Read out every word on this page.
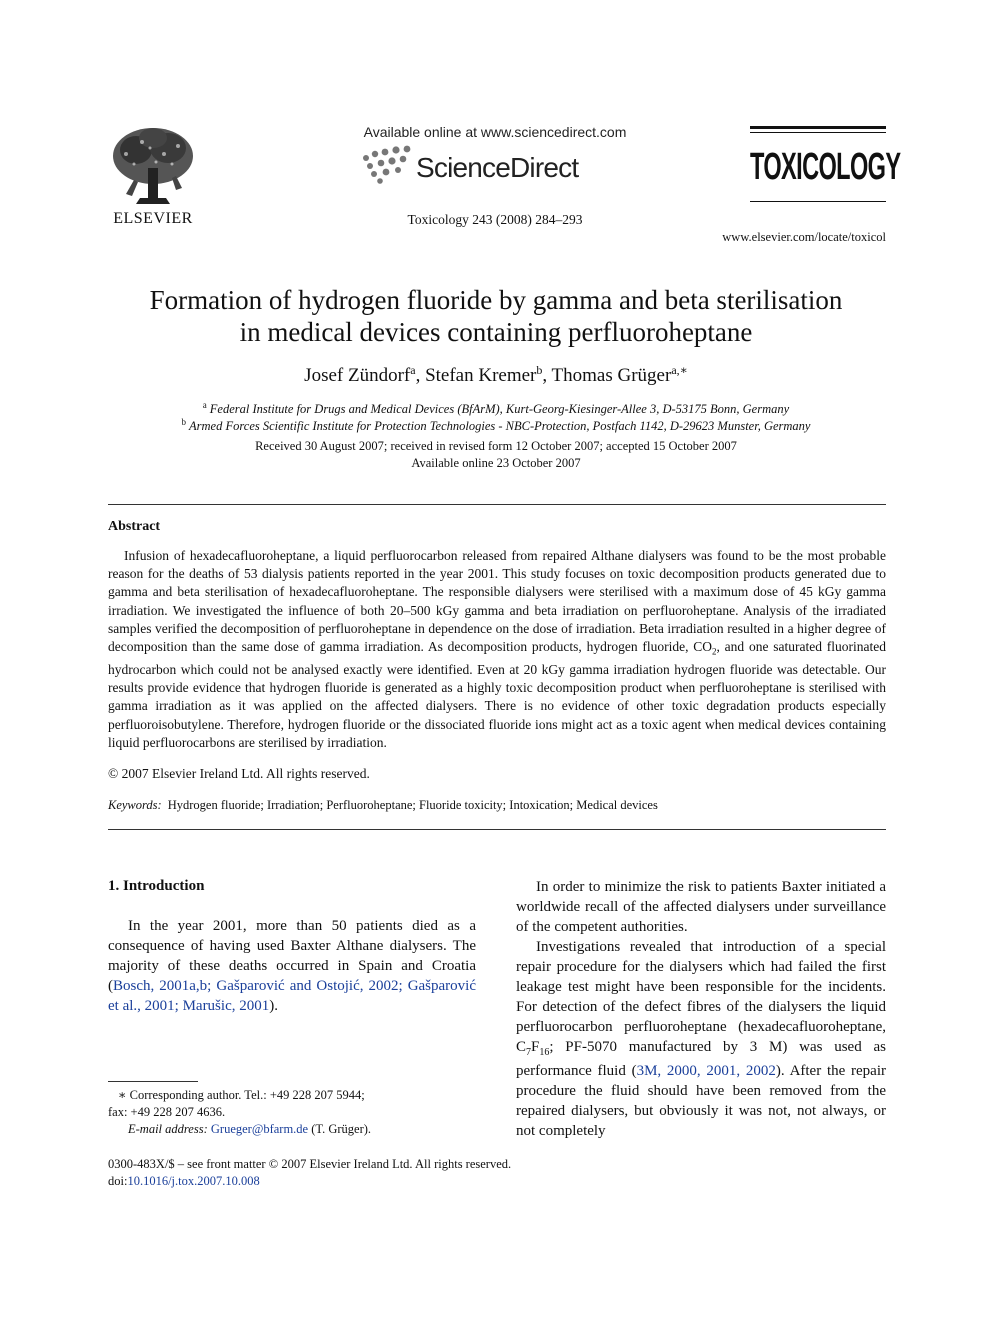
ELSEVIER
Available online at www.sciencedirect.com
ScienceDirect
Toxicology 243 (2008) 284–293
TOXICOLOGY
www.elsevier.com/locate/toxicol
Formation of hydrogen fluoride by gamma and beta sterilisation
in medical devices containing perfluoroheptane
Josef Zündorf$^a$, Stefan Kremer$^b$, Thomas Grüger$^{a,∗}$
$^a$ Federal Institute for Drugs and Medical Devices (BfArM), Kurt-Georg-Kiesinger-Allee 3, D-53175 Bonn, Germany
$^b$ Armed Forces Scientific Institute for Protection Technologies - NBC-Protection, Postfach 1142, D-29623 Munster, Germany
Received 30 August 2007; received in revised form 12 October 2007; accepted 15 October 2007
Available online 23 October 2007
Abstract

Infusion of hexadecafluoroheptane, a liquid perfluorocarbon released from repaired Althane dialysers was found to be the most probable reason for the deaths of 53 dialysis patients reported in the year 2001. This study focuses on toxic decomposition products generated due to gamma and beta sterilisation of hexadecafluoroheptane. The responsible dialysers were sterilised with a maximum dose of 45 kGy gamma irradiation. We investigated the influence of both 20–500 kGy gamma and beta irradiation on perfluoroheptane. Analysis of the irradiated samples verified the decomposition of perfluoroheptane in dependence on the dose of irradiation. Beta irradiation resulted in a higher degree of decomposition than the same dose of gamma irradiation. As decomposition products, hydrogen fluoride, $CO_2$, and one saturated fluorinated hydrocarbon which could not be analysed exactly were identified. Even at 20 kGy gamma irradiation hydrogen fluoride was detectable. Our results provide evidence that hydrogen fluoride is generated as a highly toxic decomposition product when perfluoroheptane is sterilised with gamma irradiation as it was applied on the affected dialysers. There is no evidence of other toxic degradation products especially perfluoroisobutylene. Therefore, hydrogen fluoride or the dissociated fluoride ions might act as a toxic agent when medical devices containing liquid perfluorocarbons are sterilised by irradiation.

© 2007 Elsevier Ireland Ltd. All rights reserved.
Keywords: Hydrogen fluoride; Irradiation; Perfluoroheptane; Fluoride toxicity; Intoxication; Medical devices
1. Introduction

In the year 2001, more than 50 patients died as a consequence of having used Baxter Althane dialysers. The majority of these deaths occurred in Spain and Croatia (Bosch, 2001a,b; Gašparović and Ostojić, 2002; Gašparović et al., 2001; Marušic, 2001).

In order to minimize the risk to patients Baxter initiated a worldwide recall of the affected dialysers under surveillance of the competent authorities.

Investigations revealed that introduction of a special repair procedure for the dialysers which had failed the first leakage test might have been responsible for the incidents. For detection of the defect fibres of the dialysers the liquid perfluorocarbon perfluoroheptane (hexadecafluoroheptane, $C_7F_{16}$; PF-5070 manufactured by 3 M) was used as performance fluid (3M, 2000, 2001, 2002). After the repair procedure the fluid should have been removed from the repaired dialysers, but obviously it was not, not always, or not completely

∗ Corresponding author. Tel.: +49 228 207 5944;
fax: +49 228 207 4636.
E-mail address: Grueger@bfarm.de (T. Grüger).
0300-483X/$ – see front matter © 2007 Elsevier Ireland Ltd. All rights reserved.
doi:10.1016/j.tox.2007.10.008
